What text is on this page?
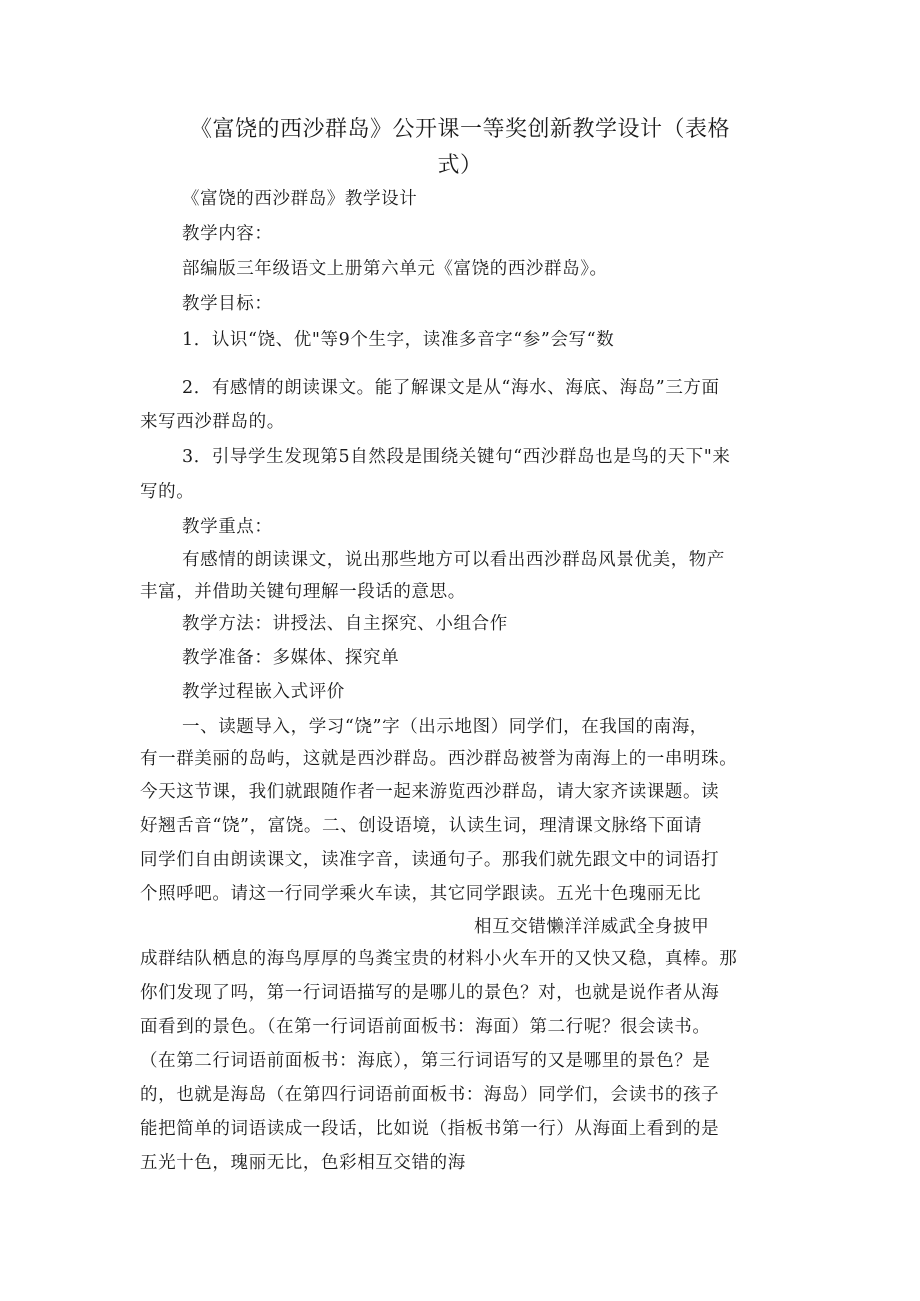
《富饶的西沙群岛》公开课一等奖创新教学设计（表格
式）
《富饶的西沙群岛》教学设计
教学内容：
部编版三年级语文上册第六单元《富饶的西沙群岛》。
教学目标：
1．认识“饶、优"等9个生字，读准多音字“参”会写“数
2．有感情的朗读课文。能了解课文是从“海水、海底、海岛”三方面
来写西沙群岛的。
3．引导学生发现第5自然段是围绕关键句“西沙群岛也是鸟的天下"来
写的。
教学重点：
有感情的朗读课文，说出那些地方可以看出西沙群岛风景优美，物产
丰富，并借助关键句理解一段话的意思。
教学方法：讲授法、自主探究、小组合作
教学准备：多媒体、探究单
教学过程嵌入式评价
一、读题导入，学习“饶”字（出示地图）同学们，在我国的南海，
有一群美丽的岛屿，这就是西沙群岛。西沙群岛被誉为南海上的一串明珠。
今天这节课，我们就跟随作者一起来游览西沙群岛，请大家齐读课题。读
好翘舌音“饶”，富饶。二、创设语境，认读生词，理清课文脉络下面请
同学们自由朗读课文，读准字音，读通句子。那我们就先跟文中的词语打
个照呼吧。请这一行同学乘火车读，其它同学跟读。五光十色瑰丽无比
相互交错懒洋洋威武全身披甲
成群结队栖息的海鸟厚厚的鸟粪宝贵的材料小火车开的又快又稳，真棒。那
你们发现了吗，第一行词语描写的是哪儿的景色？对，也就是说作者从海
面看到的景色。（在第一行词语前面板书：海面）第二行呢？很会读书。
（在第二行词语前面板书：海底），第三行词语写的又是哪里的景色？是
的，也就是海岛（在第四行词语前面板书：海岛）同学们，会读书的孩子
能把简单的词语读成一段话，比如说（指板书第一行）从海面上看到的是
五光十色，瑰丽无比，色彩相互交错的海
